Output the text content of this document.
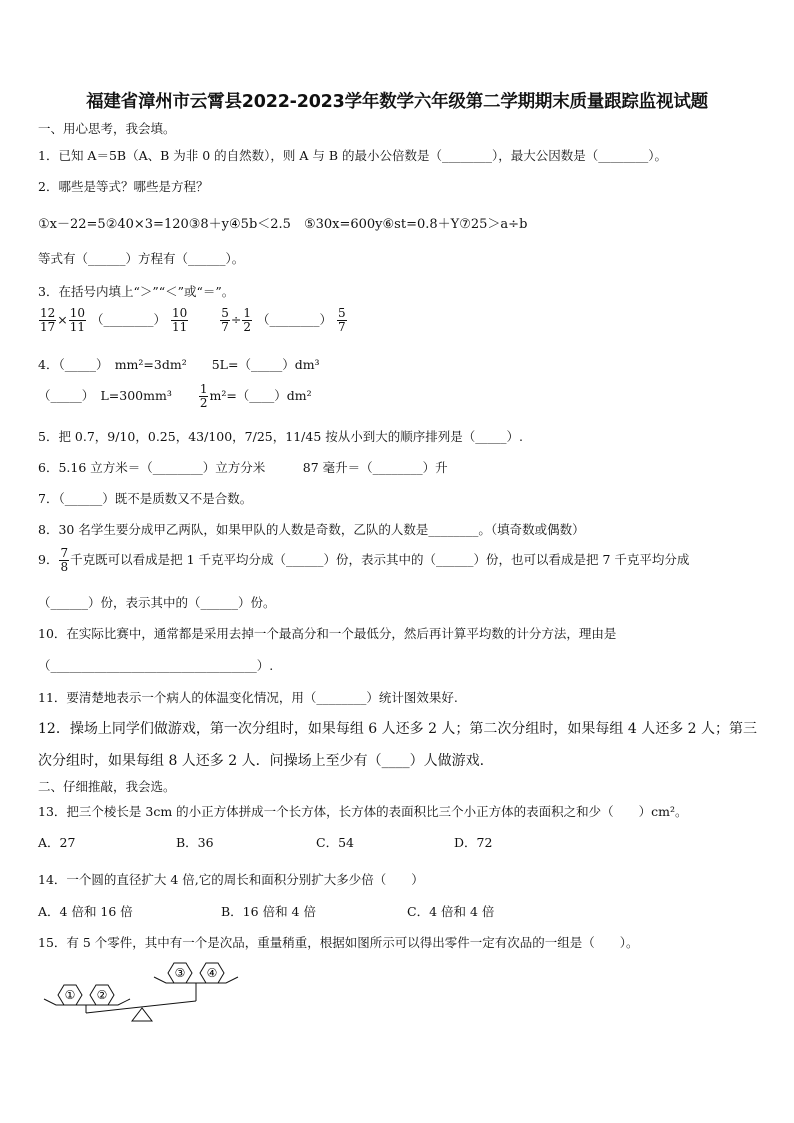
福建省漳州市云霄县2022-2023学年数学六年级第二学期期末质量跟踪监视试题
一、用心思考，我会填。
1．已知 A＝5B（A、B 为非 0 的自然数），则 A 与 B 的最小公倍数是（________），最大公因数是（________）。
2．哪些是等式？哪些是方程？
①x－22=5②40×3=120③8＋y④5b＜2.5　⑤30x=600y⑥st=0.8＋Y⑦25＞a÷b
等式有（______）方程有（______）。
3．在括号内填上“＞”“＜”或“＝”。
$\frac{12}{17} \times \frac{10}{11}$ （________） $\frac{10}{11}$
	$\frac{5}{7} \div \frac{1}{2}$ （________） $\frac{5}{7}$
4．（_____）　mm²=3dm²　　5L=（_____）dm³
（_____）　$L=300mm^3 \frac{1}{2}$ m²=（____）dm²
5．把 0.7，9/10，0.25，43/100，7/25，11/45 按从小到大的顺序排列是（_____）.
6．5.16 立方米＝（________）立方分米　　　87 毫升＝（________）升
7．（______）既不是质数又不是合数。
8．30 名学生要分成甲乙两队，如果甲队的人数是奇数，乙队的人数是________。（填奇数或偶数）
9． $\frac{7}{8}$ 千克既可以看成是把 1 千克平均分成（______）份，表示其中的（______）份，也可以看成是把 7 千克平均分成
（______）份，表示其中的（______）份。
10．在实际比赛中，通常都是采用去掉一个最高分和一个最低分，然后再计算平均数的计分方法，理由是
（_________________________________）.
11．要清楚地表示一个病人的体温变化情况，用（________）统计图效果好.
12．操场上同学们做游戏，第一次分组时，如果每组 6 人还多 2 人；第二次分组时，如果每组 4 人还多 2 人；第三次分组时，如果每组 8 人还多 2 人．问操场上至少有（____）人做游戏.
二、仔细推敲，我会选。
13．把三个棱长是 3cm 的小正方体拼成一个长方体，长方体的表面积比三个小正方体的表面积之和少（　　）cm²。
A．27	B．36	C．54	D．72
14．一个圆的直径扩大 4 倍,它的周长和面积分别扩大多少倍（　　）
A．4 倍和 16 倍	B．16 倍和 4 倍	C．4 倍和 4 倍
15．有 5 个零件，其中有一个是次品，重量稍重，根据如图所示可以得出零件一定有次品的一组是（　　）。
① ②
③ ④
